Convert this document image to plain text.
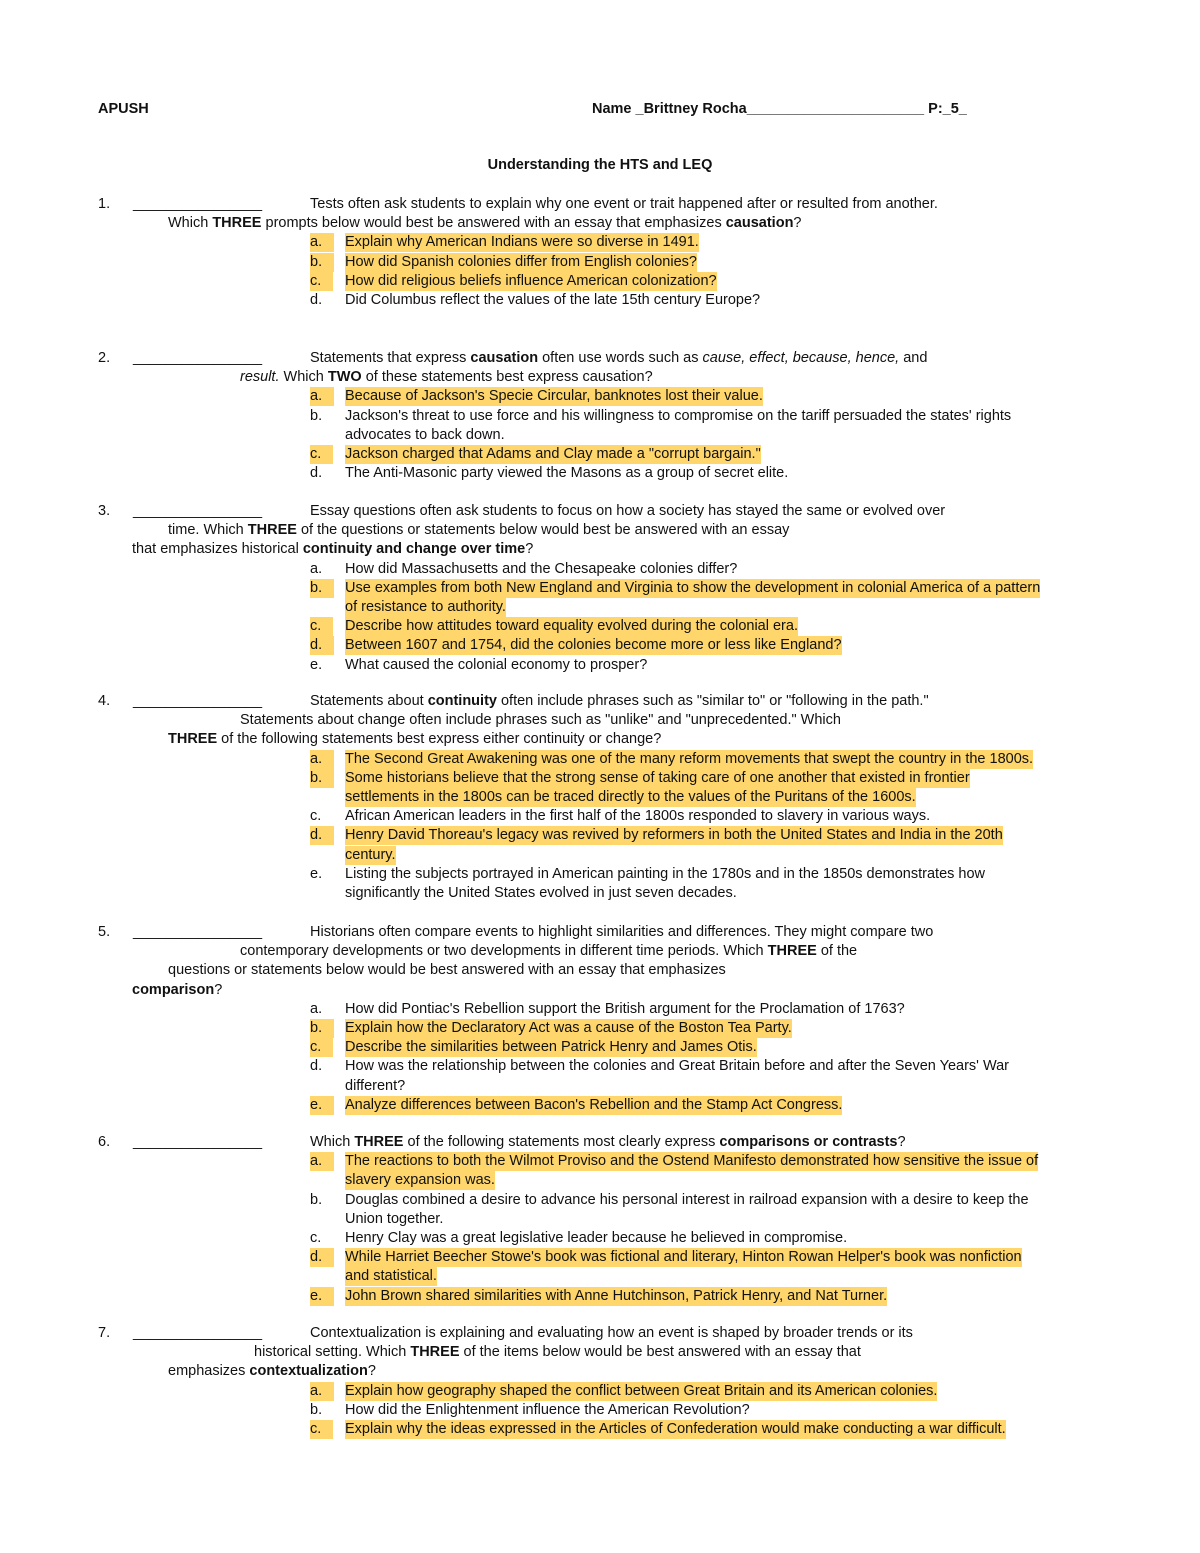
APUSH	Name _Brittney Rocha______________________ P:_5_
Understanding the HTS and LEQ
1. ________________	Tests often ask students to explain why one event or trait happened after or resulted from another.
Which THREE prompts below would best be answered with an essay that emphasizes causation?
a.	Explain why American Indians were so diverse in 1491.
b.	How did Spanish colonies differ from English colonies?
c.	How did religious beliefs influence American colonization?
d. Did Columbus reflect the values of the late 15th century Europe?
2. ________________	Statements that express causation often use words such as cause, effect, because, hence, and
result. Which TWO of these statements best express causation?
a.	Because of Jackson's Specie Circular, banknotes lost their value.
b. Jackson's threat to use force and his willingness to compromise on the tariff persuaded the states' rights
advocates to back down.
c.	Jackson charged that Adams and Clay made a "corrupt bargain."
d. The Anti-Masonic party viewed the Masons as a group of secret elite.
3. ________________	Essay questions often ask students to focus on how a society has stayed the same or evolved over
time. Which THREE of the questions or statements below would best be answered with an essay
that emphasizes historical continuity and change over time?
a. How did Massachusetts and the Chesapeake colonies differ?
b.	Use examples from both New England and Virginia to show the development in colonial America of a pattern
of resistance to authority.
c.	Describe how attitudes toward equality evolved during the colonial era.
d.	Between 1607 and 1754, did the colonies become more or less like England?
e. What caused the colonial economy to prosper?
4. ________________	Statements about continuity often include phrases such as "similar to" or "following in the path."
Statements about change often include phrases such as "unlike" and "unprecedented." Which
THREE of the following statements best express either continuity or change?
a.	The Second Great Awakening was one of the many reform movements that swept the country in the 1800s.
b.	Some historians believe that the strong sense of taking care of one another that existed in frontier
settlements in the 1800s can be traced directly to the values of the Puritans of the 1600s.
c. African American leaders in the first half of the 1800s responded to slavery in various ways.
d.	Henry David Thoreau's legacy was revived by reformers in both the United States and India in the 20th
century.
e. Listing the subjects portrayed in American painting in the 1780s and in the 1850s demonstrates how
significantly the United States evolved in just seven decades.
5. ________________	Historians often compare events to highlight similarities and differences. They might compare two
contemporary developments or two developments in different time periods. Which THREE of the
questions or statements below would be best answered with an essay that emphasizes
comparison?
a. How did Pontiac's Rebellion support the British argument for the Proclamation of 1763?
b.	Explain how the Declaratory Act was a cause of the Boston Tea Party.
c.	Describe the similarities between Patrick Henry and James Otis.
d. How was the relationship between the colonies and Great Britain before and after the Seven Years' War
different?
e.	Analyze differences between Bacon's Rebellion and the Stamp Act Congress.
6. ________________	Which THREE of the following statements most clearly express comparisons or contrasts?
a.	The reactions to both the Wilmot Proviso and the Ostend Manifesto demonstrated how sensitive the issue of
slavery expansion was.
b. Douglas combined a desire to advance his personal interest in railroad expansion with a desire to keep the
Union together.
c. Henry Clay was a great legislative leader because he believed in compromise.
d.	While Harriet Beecher Stowe's book was fictional and literary, Hinton Rowan Helper's book was nonfiction
and statistical.
e.	John Brown shared similarities with Anne Hutchinson, Patrick Henry, and Nat Turner.
7. ________________	Contextualization is explaining and evaluating how an event is shaped by broader trends or its
historical setting. Which THREE of the items below would be best answered with an essay that
emphasizes contextualization?
a.	Explain how geography shaped the conflict between Great Britain and its American colonies.
b. How did the Enlightenment influence the American Revolution?
c.	Explain why the ideas expressed in the Articles of Confederation would make conducting a war difficult.
